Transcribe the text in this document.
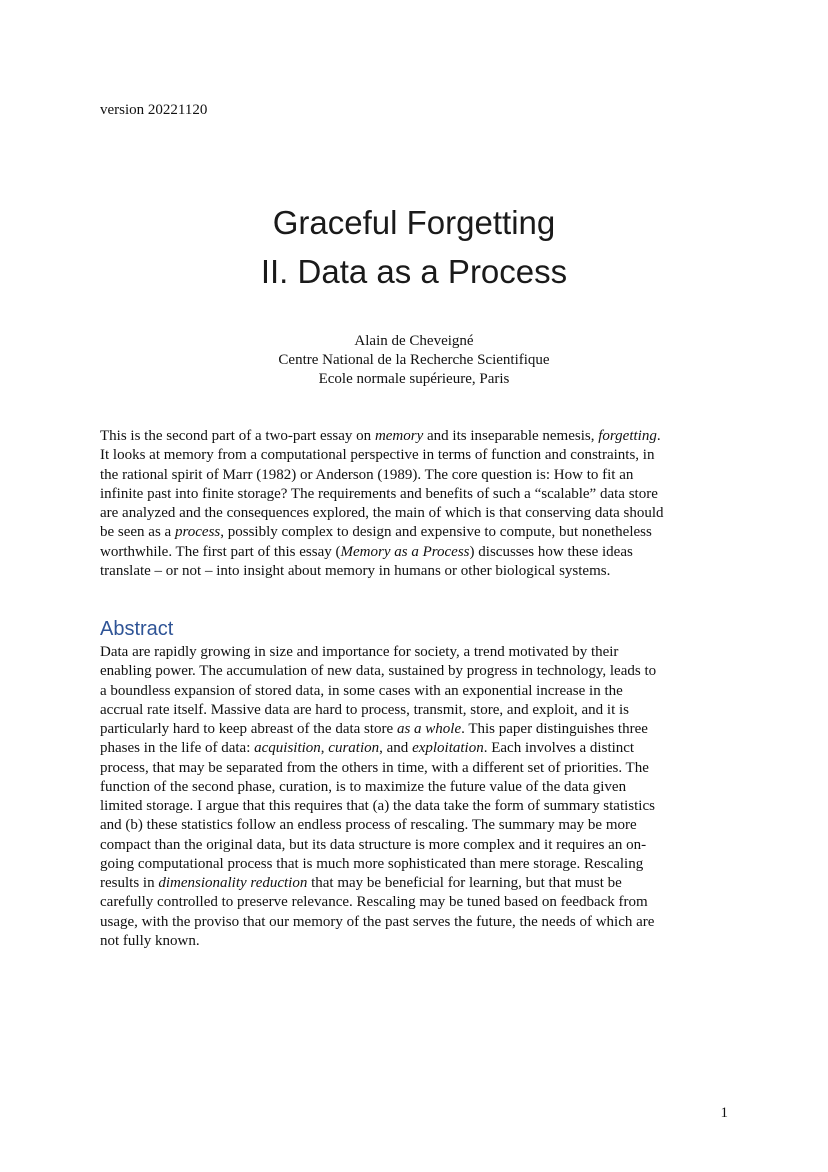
version 20221120
Graceful Forgetting
II. Data as a Process
Alain de Cheveigné
Centre National de la Recherche Scientifique
Ecole normale supérieure, Paris
This is the second part of a two-part essay on memory and its inseparable nemesis, forgetting.
It looks at memory from a computational perspective in terms of function and constraints, in
the rational spirit of Marr (1982) or Anderson (1989). The core question is: How to fit an
infinite past into finite storage? The requirements and benefits of such a “scalable” data store
are analyzed and the consequences explored, the main of which is that conserving data should
be seen as a process, possibly complex to design and expensive to compute, but nonetheless
worthwhile. The first part of this essay (Memory as a Process) discusses how these ideas
translate – or not – into insight about memory in humans or other biological systems.
Abstract
Data are rapidly growing in size and importance for society, a trend motivated by their
enabling power. The accumulation of new data, sustained by progress in technology, leads to
a boundless expansion of stored data, in some cases with an exponential increase in the
accrual rate itself. Massive data are hard to process, transmit, store, and exploit, and it is
particularly hard to keep abreast of the data store as a whole. This paper distinguishes three
phases in the life of data: acquisition, curation, and exploitation. Each involves a distinct
process, that may be separated from the others in time, with a different set of priorities. The
function of the second phase, curation, is to maximize the future value of the data given
limited storage. I argue that this requires that (a) the data take the form of summary statistics
and (b) these statistics follow an endless process of rescaling. The summary may be more
compact than the original data, but its data structure is more complex and it requires an on-
going computational process that is much more sophisticated than mere storage. Rescaling
results in dimensionality reduction that may be beneficial for learning, but that must be
carefully controlled to preserve relevance. Rescaling may be tuned based on feedback from
usage, with the proviso that our memory of the past serves the future, the needs of which are
not fully known.
1
